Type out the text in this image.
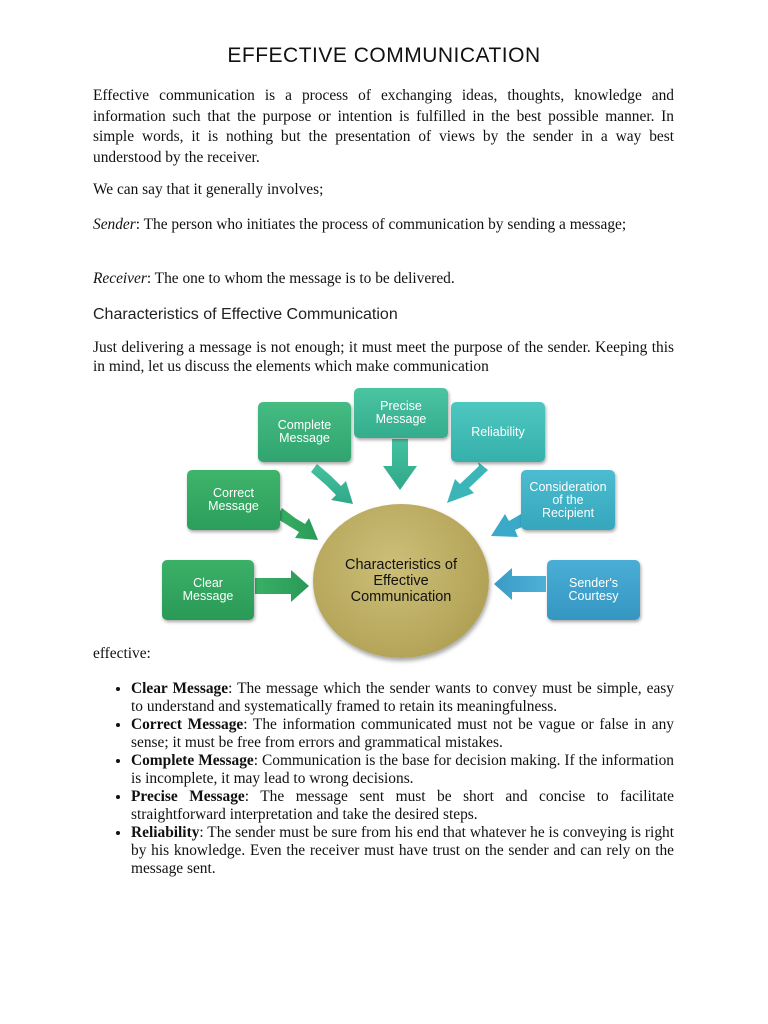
EFFECTIVE COMMUNICATION

Effective communication is a process of exchanging ideas, thoughts, knowledge and information such that the purpose or intention is fulfilled in the best possible manner. In simple words, it is nothing but the presentation of views by the sender in a way best understood by the receiver.

We can say that it generally involves;

Sender: The person who initiates the process of communication by sending a message;

Receiver: The one to whom the message is to be delivered.

Characteristics of Effective Communication

Just delivering a message is not enough; it must meet the purpose of the sender. Keeping this in mind, let us discuss the elements which make communication

Characteristics of Effective Communication
Clear Message
Correct Message
Complete Message
Precise Message
Reliability
Consideration of the Recipient
Sender's Courtesy

effective:

• Clear Message: The message which the sender wants to convey must be simple, easy to understand and systematically framed to retain its meaningfulness.
• Correct Message: The information communicated must not be vague or false in any sense; it must be free from errors and grammatical mistakes.
• Complete Message: Communication is the base for decision making. If the information is incomplete, it may lead to wrong decisions.
• Precise Message: The message sent must be short and concise to facilitate straightforward interpretation and take the desired steps.
• Reliability: The sender must be sure from his end that whatever he is conveying is right by his knowledge. Even the receiver must have trust on the sender and can rely on the message sent.
